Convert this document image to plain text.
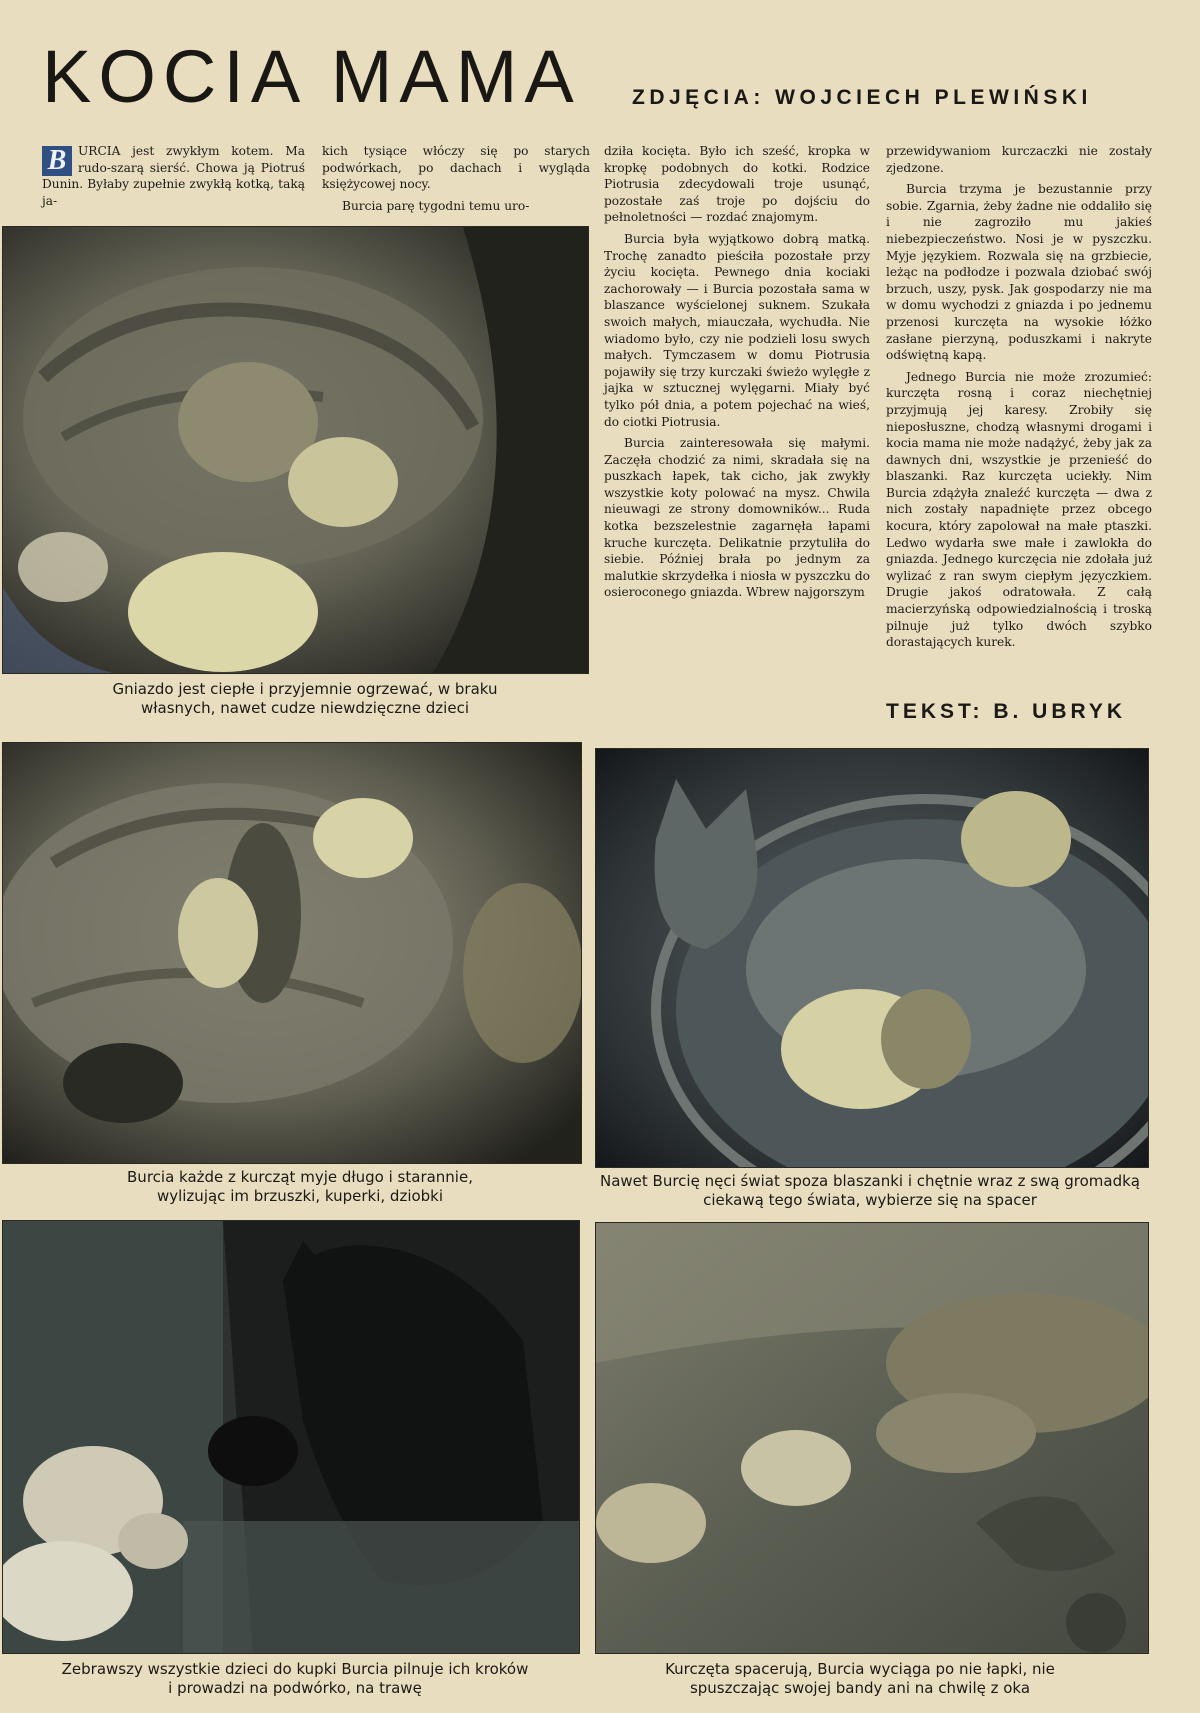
KOCIA MAMA ZDJĘCIA: WOJCIECH PLEWIŃSKI
B URCIA jest zwykłym kotem. Ma rudo-szarą sierść. Chowa ją Piotruś Dunin. Byłaby zupełnie zwykłą kotką, taką ja-

kich tysiące włóczy się po starych podwórkach, po dachach i wygląda księżycowej nocy.

Burcia parę tygodni temu uro-

dziła kocięta. Było ich sześć, kropka w kropkę podobnych do kotki. Rodzice Piotrusia zdecydowali troje usunąć, pozostałe zaś troje po dojściu do pełnoletności — rozdać znajomym.

Burcia była wyjątkowo dobrą matką. Trochę zanadto pieściła pozostałe przy życiu kocięta. Pewnego dnia kociaki zachorowały — i Burcia pozostała sama w blaszance wyścielonej suknem. Szukała swoich małych, miauczała, wychudła. Nie wiadomo było, czy nie podzieli losu swych małych. Tymczasem w domu Piotrusia pojawiły się trzy kurczaki świeżo wylęgłe z jajka w sztucznej wylęgarni. Miały być tylko pół dnia, a potem pojechać na wieś, do ciotki Piotrusia.

Burcia zainteresowała się małymi. Zaczęła chodzić za nimi, skradała się na puszkach łapek, tak cicho, jak zwykły wszystkie koty polować na mysz. Chwila nieuwagi ze strony domowników... Ruda kotka bezszelestnie zagarnęła łapami kruche kurczęta. Delikatnie przytuliła do siebie. Później brała po jednym za malutkie skrzydełka i niosła w pyszczku do osieroconego gniazda. Wbrew najgorszym

przewidywaniom kurczaczki nie zostały zjedzone.

Burcia trzyma je bezustannie przy sobie. Zgarnia, żeby żadne nie oddaliło się i nie zagroziło mu jakieś niebezpieczeństwo. Nosi je w pyszczku. Myje językiem. Rozwala się na grzbiecie, leżąc na podłodze i pozwala dziobać swój brzuch, uszy, pysk. Jak gospodarzy nie ma w domu wychodzi z gniazda i po jednemu przenosi kurczęta na wysokie łóżko zasłane pierzyną, poduszkami i nakryte odświętną kapą.

Jednego Burcia nie może zrozumieć: kurczęta rosną i coraz niechętniej przyjmują jej karesy. Zrobiły się nieposłuszne, chodzą własnymi drogami i kocia mama nie może nadążyć, żeby jak za dawnych dni, wszystkie je przenieść do blaszanki. Raz kurczęta uciekły. Nim Burcia zdążyła znaleźć kurczęta — dwa z nich zostały napadnięte przez obcego kocura, który zapolował na małe ptaszki. Ledwo wydarła swe małe i zawlokła do gniazda. Jednego kurczęcia nie zdołała już wylizać z ran swym ciepłym języczkiem. Drugie jakoś odratowała. Z całą macierzyńską odpowiedzialnością i troską pilnuje już tylko dwóch szybko dorastających kurek.

TEKST: B. UBRYK

Gniazdo jest ciepłe i przyjemnie ogrzewać, w braku własnych, nawet cudze niewdzięczne dzieci

Burcia każde z kurcząt myje długo i starannie, wylizując im brzuszki, kuperki, dziobki

Nawet Burcię nęci świat spoza blaszanki i chętnie wraz z swą gromadką ciekawą tego świata, wybierze się na spacer

Zebrawszy wszystkie dzieci do kupki Burcia pilnuje ich kroków i prowadzi na podwórko, na trawę

Kurczęta spacerują, Burcia wyciąga po nie łapki, nie spuszczając swojej bandy ani na chwilę z oka
